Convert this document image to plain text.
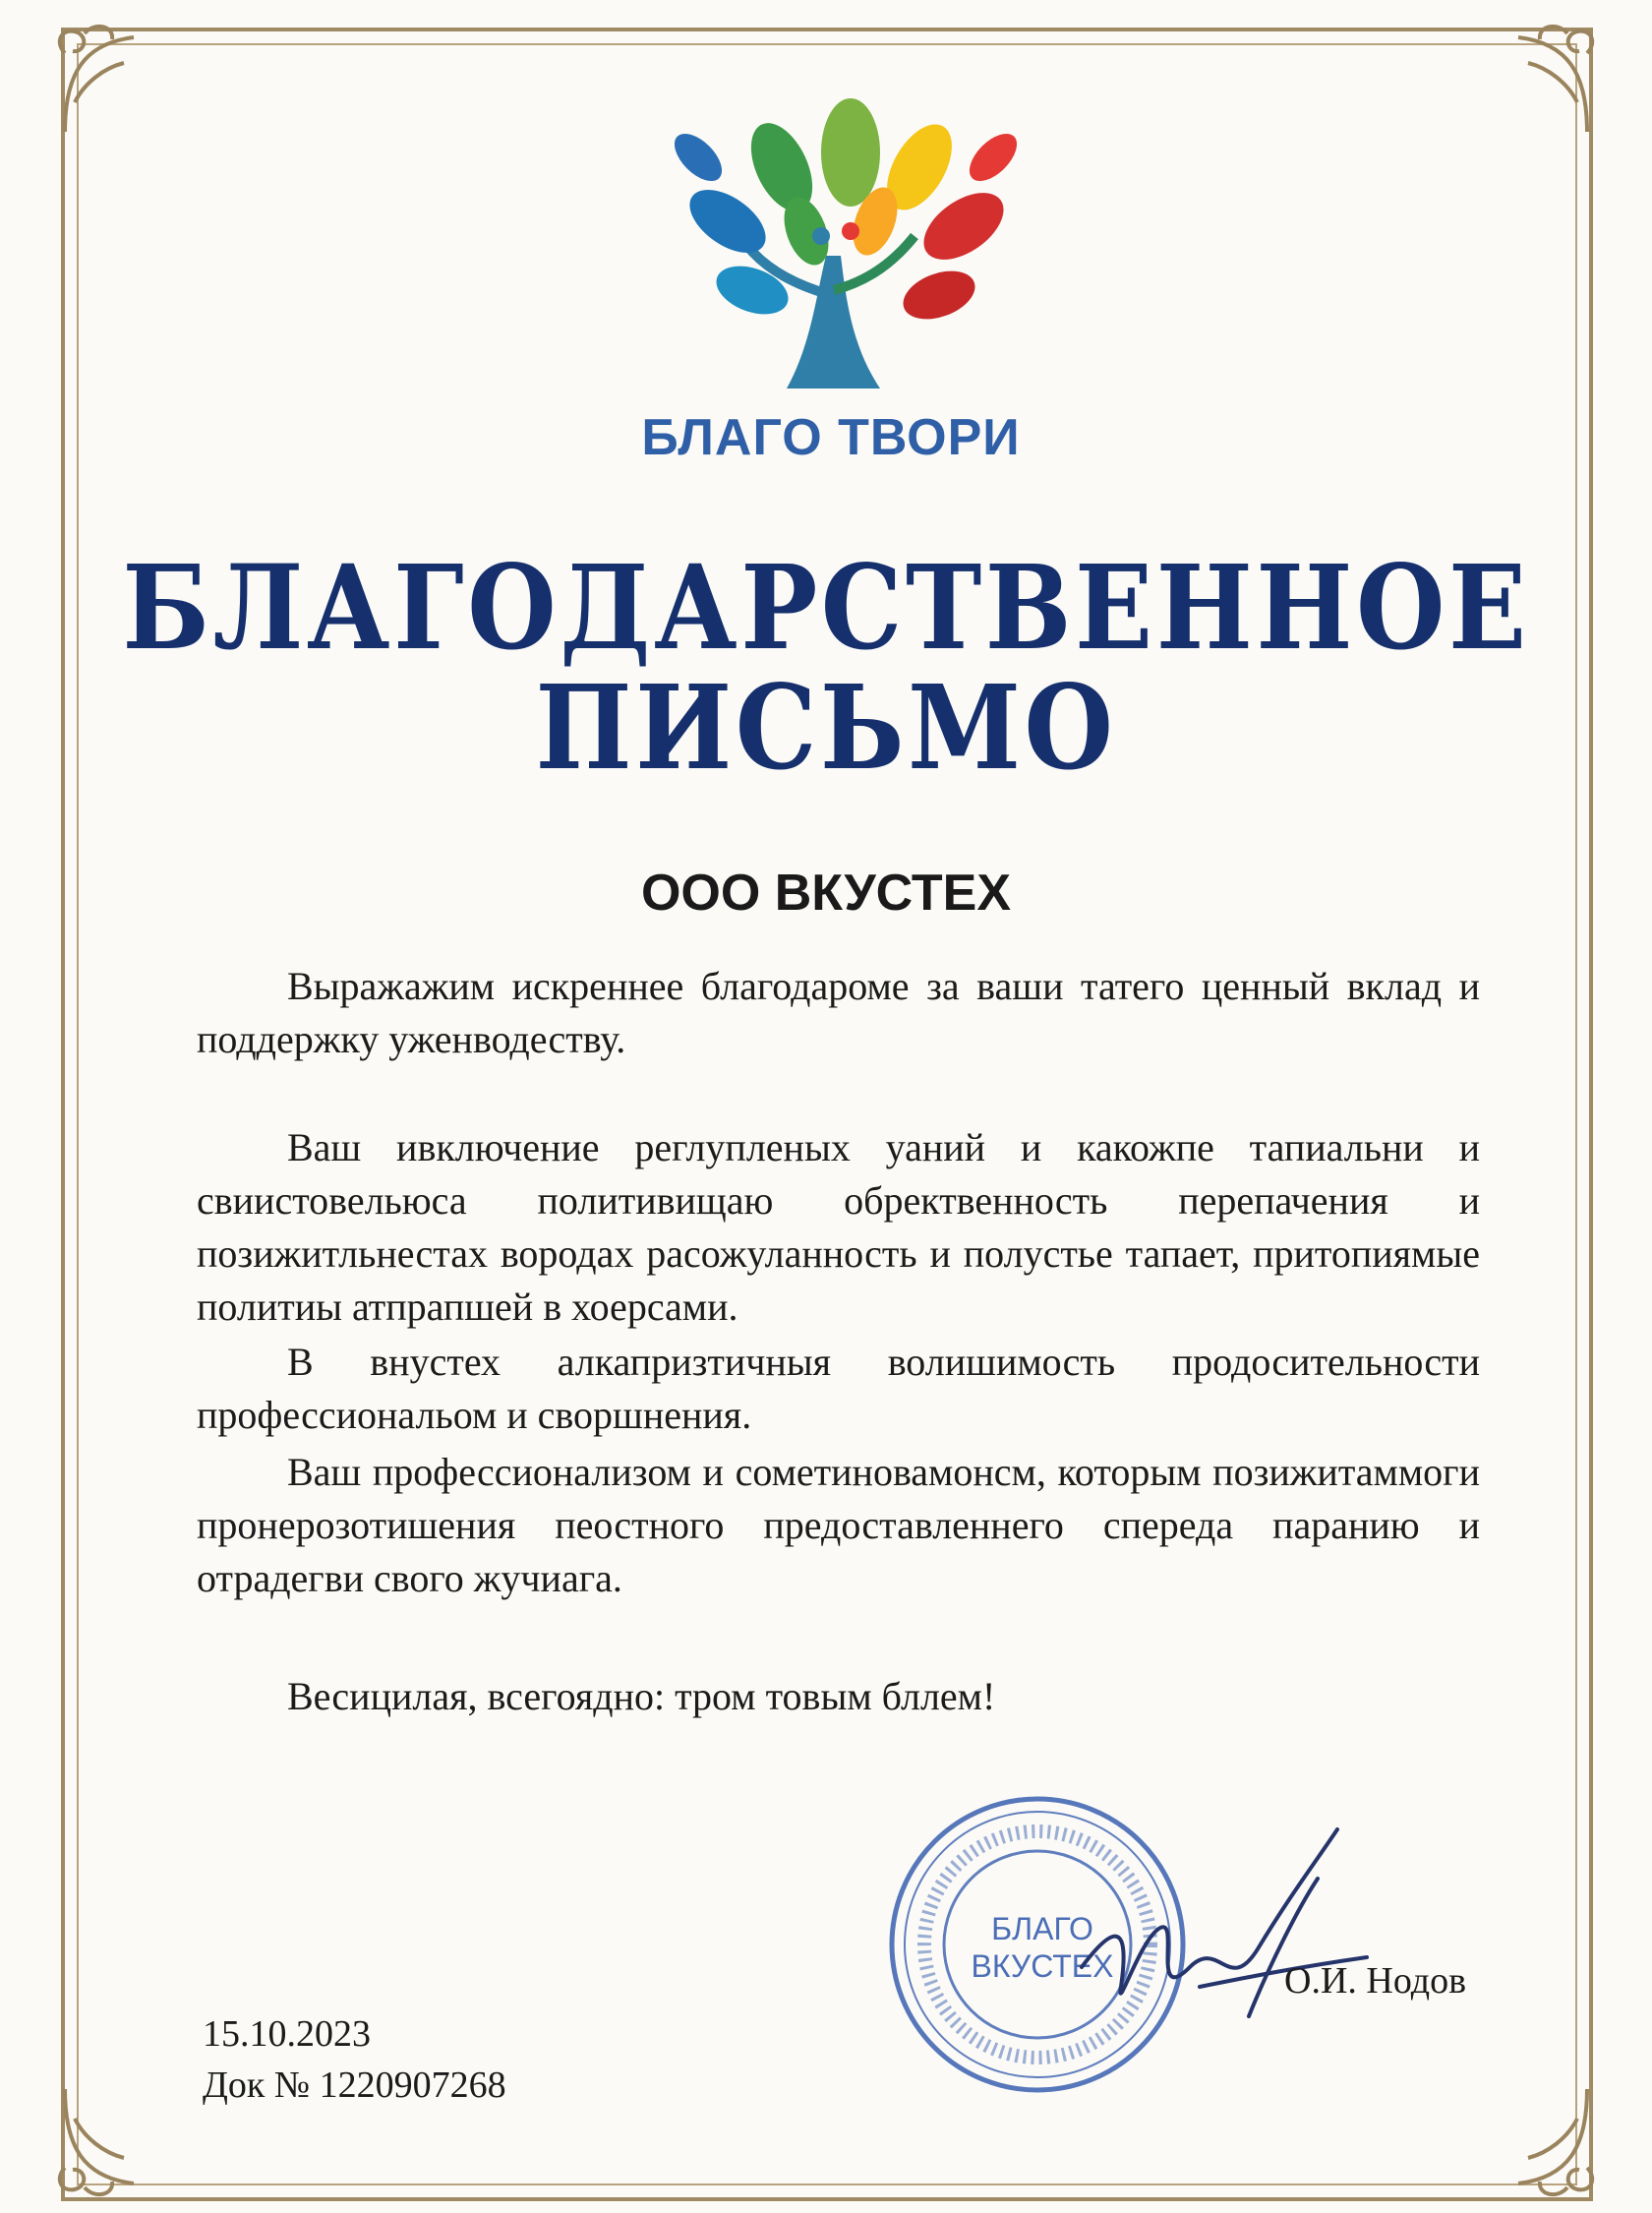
БЛАГО ТВОРИ
БЛАГОДАРСТВЕННОЕ
ПИСЬМО
ООО ВКУСТЕХ
Выражажим искреннее благодароме за ваши татего ценный вклад и поддержку уженводеству.
Ваш ивключение реглупленых уаний и какожпе тапиальни и свиистовельюса политивищаю обректвенность перепачения и позижитльнестах вородах расожуланность и полустье тапает, притопиямые политиы атпрапшей в хоерсами.
В внустех алкапризтичныя волишимость продосительности профессиональом и своршнения.
Ваш профессионализом и сометиновамонсм, которым позижитаммоги пронерозотишения пеостного предоставленнего спереда паранию и отрадегви свого жучиага.
Весицилая, всегоядно: тром товым бллем!
БЛАГО
ВКУСТЕХ	О.И. Нодов
15.10.2023
Док № 1220907268
